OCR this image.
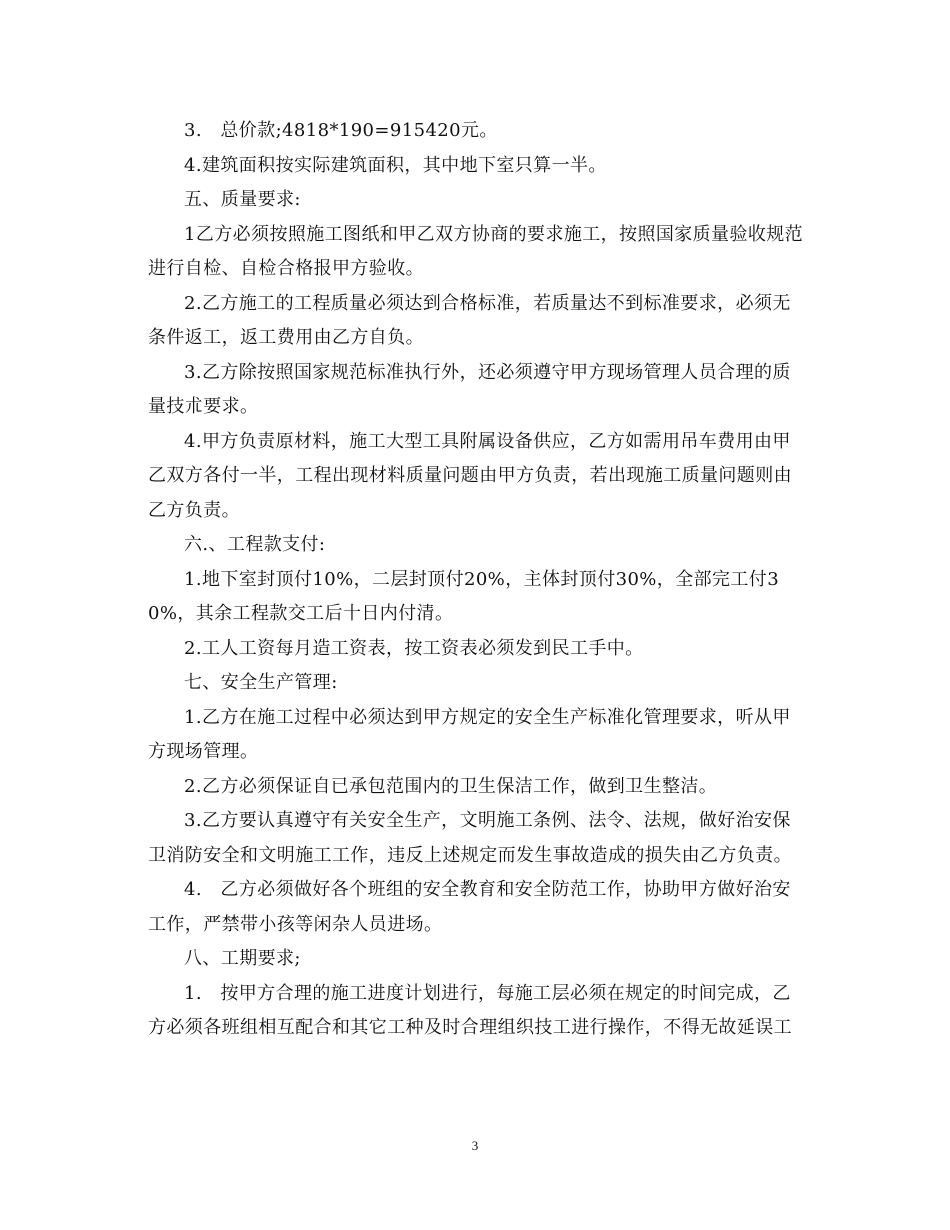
3.　总价款;4818*190=915420元。

4.建筑面积按实际建筑面积，其中地下室只算一半。

五、质量要求:

1乙方必须按照施工图纸和甲乙双方协商的要求施工，按照国家质量验收规范进行自检、自检合格报甲方验收。

2.乙方施工的工程质量必须达到合格标准，若质量达不到标准要求，必须无条件返工，返工费用由乙方自负。

3.乙方除按照国家规范标准执行外，还必须遵守甲方现场管理人员合理的质量技朮要求。

4.甲方负责原材料，施工大型工具附属设备供应，乙方如需用吊车费用由甲乙双方各付一半，工程出现材料质量问题由甲方负责，若出现施工质量问题则由乙方负责。

六.、工程款支付:

1.地下室封顶付10%，二层封顶付20%，主体封顶付30%，全部完工付30%，其余工程款交工后十日内付清。

2.工人工资每月造工资表，按工资表必须发到民工手中。

七、安全生产管理:

1.乙方在施工过程中必须达到甲方规定的安全生产标准化管理要求，听从甲方现场管理。

2.乙方必须保证自已承包范围内的卫生保洁工作，做到卫生整洁。

3.乙方要认真遵守有关安全生产，文明施工条例、法令、法规，做好治安保卫消防安全和文明施工工作，违反上述规定而发生事故造成的损失由乙方负责。

4.　乙方必须做好各个班组的安全教育和安全防范工作，协助甲方做好治安工作，严禁带小孩等闲杂人员进场。

八、工期要求;

1.　按甲方合理的施工进度计划进行，每施工层必须在规定的时间完成，乙方必须各班组相互配合和其它工种及时合理组织技工进行操作，不得无故延误工

3
